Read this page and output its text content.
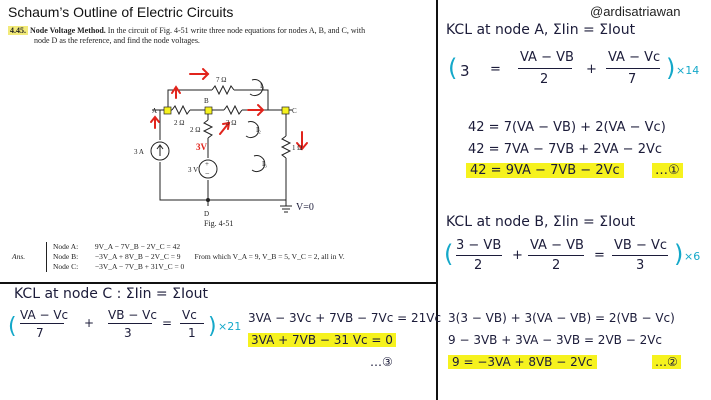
Schaum’s Outline of Electric Circuits	@ardisatriawan
4.45. Node Voltage Method. In the circuit of Fig. 4-51 write three node equations for nodes A, B, and C, with
node D as the reference, and find the node voltages.
+
−
7 Ω
2 Ω	3 Ω
2 Ω
1 Ω
3 A
3 V
A
B
C
D
I₁
I₂
I₃
3V
V=0
Fig. 4-51
Ans.
Node A: 9V_A − 7V_B − 2V_C = 42
Node B: −3V_A + 8V_B − 2V_C = 9 From which V_A = 9, V_B = 5, V_C = 2, all in V.
Node C: −3V_A − 7V_B + 31V_C = 0
KCL at node C : ΣIin = ΣIout
( VA − Vc
7
+
VB − Vc
3
=
Vc
1 ) ×21
3VA − 3Vc + 7VB − 7Vc = 21Vc
3VA + 7VB − 31 Vc = 0
…③
KCL at node A, ΣIin = ΣIout
( 3 =
VA − VB
2
+
VA − Vc
7 ) ×14
42 = 7(VA − VB) + 2(VA − Vc)
42 = 7VA − 7VB + 2VA − 2Vc
42 = 9VA − 7VB − 2Vc	…①
KCL at node B, ΣIin = ΣIout
( 3 − VB
2
+
VA − VB
2
=
VB − Vc
3 ) ×6
3(3 − VB) + 3(VA − VB) = 2(VB − Vc)
9 − 3VB + 3VA − 3VB = 2VB − 2Vc
9 = −3VA + 8VB − 2Vc	…②
